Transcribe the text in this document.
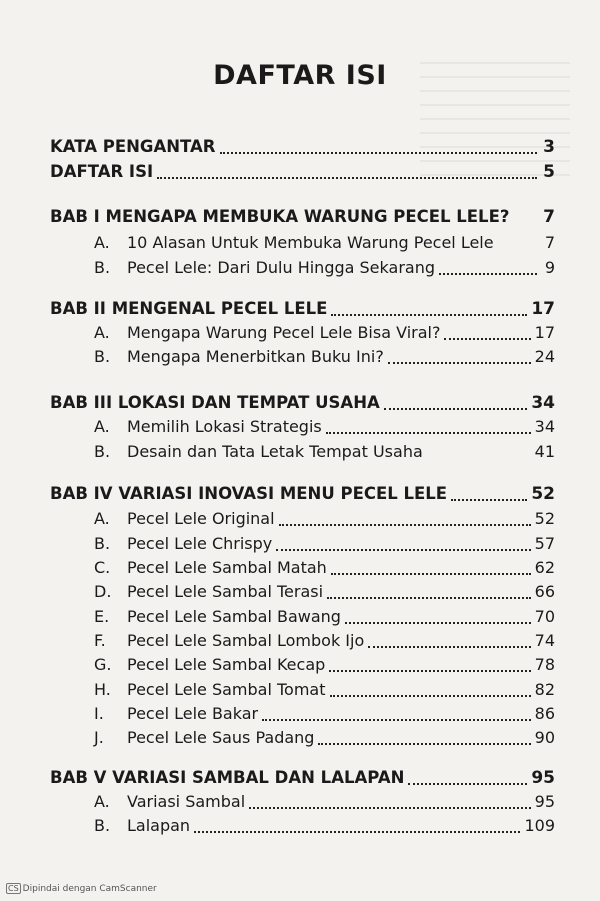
DAFTAR ISI
KATA PENGANTAR	3
DAFTAR ISI	5
BAB I MENGAPA MEMBUKA WARUNG PECEL LELE? 7
A. 10 Alasan Untuk Membuka Warung Pecel Lele	7
B. Pecel Lele: Dari Dulu Hingga Sekarang	9
BAB II MENGENAL PECEL LELE	17
A. Mengapa Warung Pecel Lele Bisa Viral?	17
B. Mengapa Menerbitkan Buku Ini?	24
BAB III LOKASI DAN TEMPAT USAHA	34
A. Memilih Lokasi Strategis	34
B. Desain dan Tata Letak Tempat Usaha	41
BAB IV VARIASI INOVASI MENU PECEL LELE	52
A. Pecel Lele Original	52
B. Pecel Lele Chrispy	57
C. Pecel Lele Sambal Matah	62
D. Pecel Lele Sambal Terasi	66
E. Pecel Lele Sambal Bawang	70
F. Pecel Lele Sambal Lombok Ijo	74
G. Pecel Lele Sambal Kecap	78
H. Pecel Lele Sambal Tomat	82
I. Pecel Lele Bakar	86
J. Pecel Lele Saus Padang	90
BAB V VARIASI SAMBAL DAN LALAPAN	95
A. Variasi Sambal	95
B. Lalapan	109
CS Dipindai dengan CamScanner
